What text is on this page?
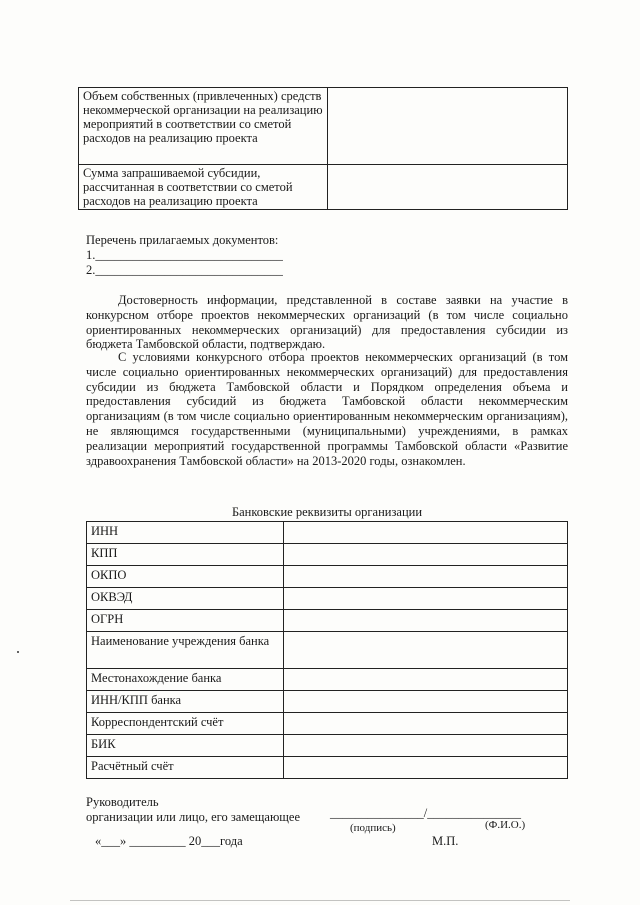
Объем собственных (привлеченных) средств некоммерческой организации на реализацию мероприятий в соответствии со сметой расходов на реализацию проекта	
Сумма запрашиваемой субсидии, рассчитанная в соответствии со сметой расходов на реализацию проекта	
Перечень прилагаемых документов:
1.______________________________
2.______________________________
Достоверность информации, представленной в составе заявки на участие в конкурсном отборе проектов некоммерческих организаций (в том числе социально ориентированных некоммерческих организаций) для предоставления субсидии из бюджета Тамбовской области, подтверждаю.
С условиями конкурсного отбора проектов некоммерческих организаций (в том числе социально ориентированных некоммерческих организаций) для предоставления субсидии из бюджета Тамбовской области и Порядком определения объема и предоставления субсидий из бюджета Тамбовской области некоммерческим организациям (в том числе социально ориентированным некоммерческим организациям), не являющимся государственными (муниципальными) учреждениями, в рамках реализации мероприятий государственной программы Тамбовской области «Развитие здравоохранения Тамбовской области» на 2013-2020 годы, ознакомлен.
Банковские реквизиты организации
ИНН	
КПП	
ОКПО	
ОКВЭД	
ОГРН	
Наименование учреждения банка	
Местонахождение банка	
ИНН/КПП банка	
Корреспондентский счёт	
БИК	
Расчётный счёт	
Руководитель
организации или лицо, его замещающее _______________/_______________
(подпись)	(Ф.И.О.)
«___» _________ 20___года	М.П.
